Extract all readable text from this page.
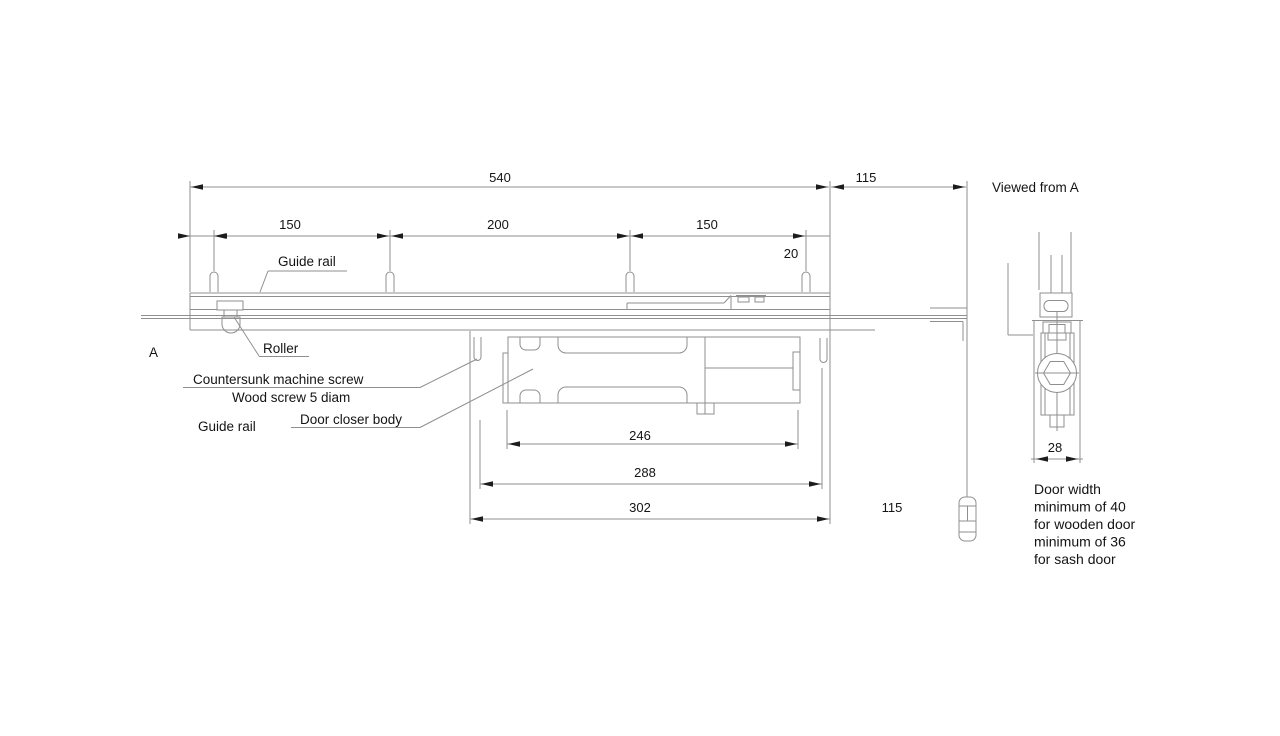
540	115
150	200	150
20
246
288
302	115
A
Guide rail
Roller
Countersunk machine screw
Wood screw 5 diam
Door closer body
Guide rail
Viewed from A
28
Door width
minimum of 40
for wooden door
minimum of 36
for sash door
